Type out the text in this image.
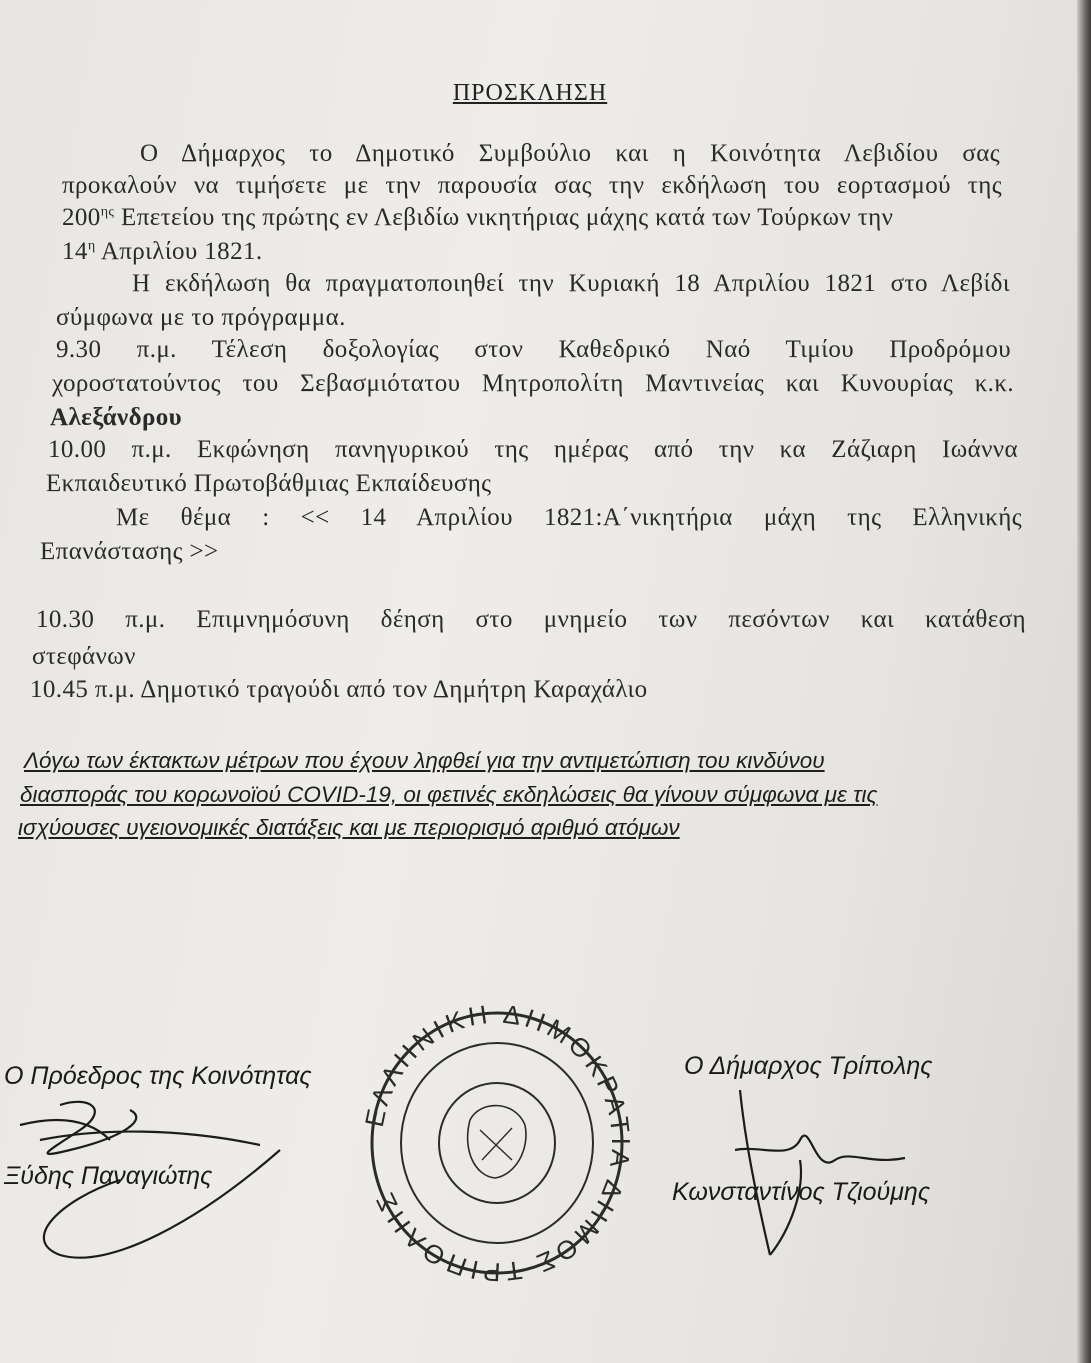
ΠΡΟΣΚΛΗΣΗ
Ο Δήμαρχος το Δημοτικό Συμβούλιο και η Κοινότητα Λεβιδίου σας
προκαλούν να τιμήσετε με την παρουσία σας την εκδήλωση του εορτασμού της
$200^{\eta\varsigma}$ Επετείου της πρώτης εν Λεβιδίω νικητήριας μάχης κατά των Τούρκων την
$14^\eta$ Απριλίου 1821.
Η εκδήλωση θα πραγματοποιηθεί την Κυριακή 18 Απριλίου 1821 στο Λεβίδι
σύμφωνα με το πρόγραμμα.
9.30 π.μ. Τέλεση δοξολογίας στον Καθεδρικό Ναό Τιμίου Προδρόμου
χοροστατούντος του Σεβασμιότατου Μητροπολίτη Μαντινείας και Κυνουρίας κ.κ.
Αλεξάνδρου
10.00 π.μ. Εκφώνηση πανηγυρικού της ημέρας από την κα Ζάζιαρη Ιωάννα
Εκπαιδευτικό Πρωτοβάθμιας Εκπαίδευσης
Με θέμα : << 14 Απριλίου 1821:Α΄νικητήρια μάχη της Ελληνικής
Επανάστασης >>
10.30 π.μ. Επιμνημόσυνη δέηση στο μνημείο των πεσόντων και κατάθεση
στεφάνων
10.45 π.μ. Δημοτικό τραγούδι από τον Δημήτρη Καραχάλιο
Λόγω των έκτακτων μέτρων που έχουν ληφθεί για την αντιμετώπιση του κινδύνου
διασποράς του κορωνοϊού COVID-19, οι φετινές εκδηλώσεις θα γίνουν σύμφωνα με τις
ισχύουσες υγειονομικές διατάξεις και με περιορισμό αριθμό ατόμων
Ο Πρόεδρος της Κοινότητας
Ξύδης Παναγιώτης
Ο Δήμαρχος Τρίπολης
Κωνσταντίνος Τζιούμης
ΕΛΛΗΝΙΚΗ ΔΗΜΟΚΡΑΤΙΑ ΔΗΜΟΣ ΤΡΙΠΟΛΗΣ
